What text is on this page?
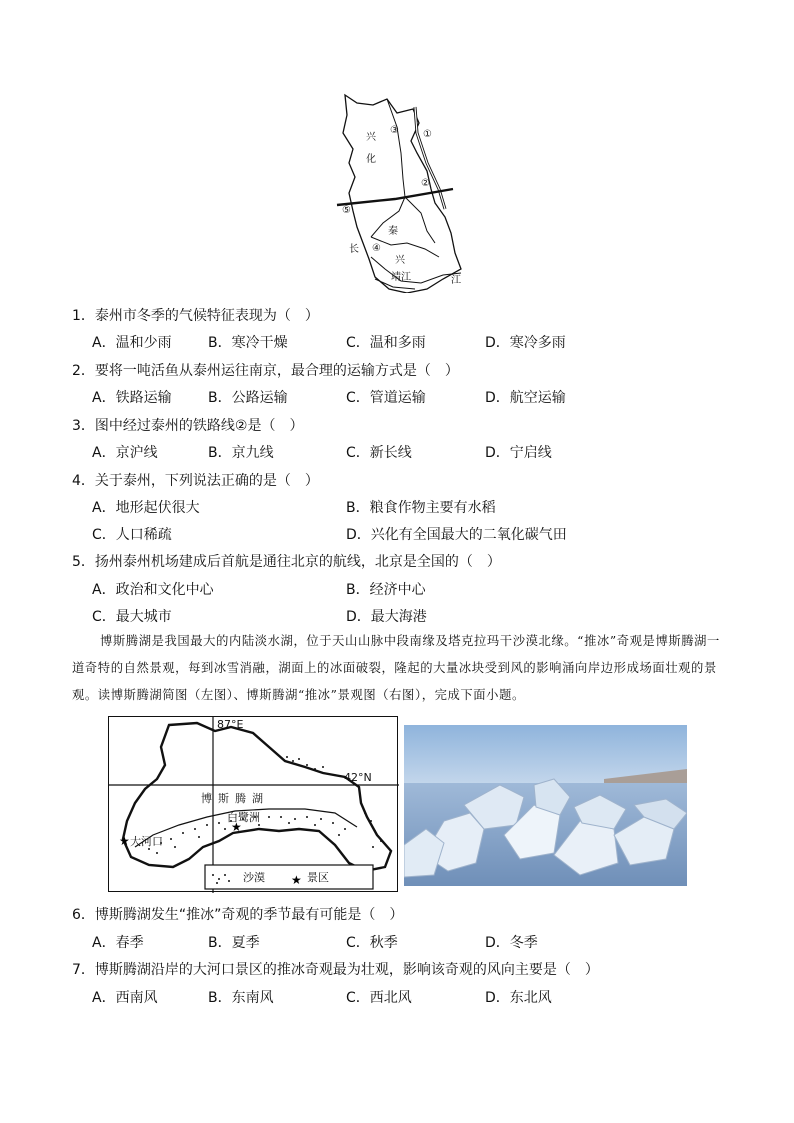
兴
化
③ ①
②
⑤
秦
④
长
兴
靖江	江
1．泰州市冬季的气候特征表现为（　）
A．温和少雨	B．寒冷干燥	C．温和多雨	D．寒冷多雨
2．要将一吨活鱼从泰州运往南京，最合理的运输方式是（　）
A．铁路运输	B．公路运输	C．管道运输	D．航空运输
3．图中经过泰州的铁路线②是（　）
A．京沪线	B．京九线	C．新长线	D．宁启线
4．关于泰州，下列说法正确的是（　）
A．地形起伏很大	B．粮食作物主要有水稻
C．人口稀疏	D．兴化有全国最大的二氧化碳气田
5．扬州泰州机场建成后首航是通往北京的航线，北京是全国的（　）
A．政治和文化中心	B．经济中心
C．最大城市	D．最大海港
博斯腾湖是我国最大的内陆淡水湖，位于天山山脉中段南缘及塔克拉玛干沙漠北缘。“推冰”奇观是博斯腾湖一道奇特的自然景观，每到冰雪消融，湖面上的冰面破裂，隆起的大量冰块受到风的影响涌向岸边形成场面壮观的景观。读博斯腾湖简图（左图）、博斯腾湖“推冰”景观图（右图），完成下面小题。
★
★
★
87°E
42°N
博斯腾湖
白鹭洲
大河口
沙漠	景区
6．博斯腾湖发生“推冰”奇观的季节最有可能是（　）
A．春季	B．夏季	C．秋季	D．冬季
7．博斯腾湖沿岸的大河口景区的推冰奇观最为壮观，影响该奇观的风向主要是（　）
A．西南风	B．东南风	C．西北风	D．东北风
